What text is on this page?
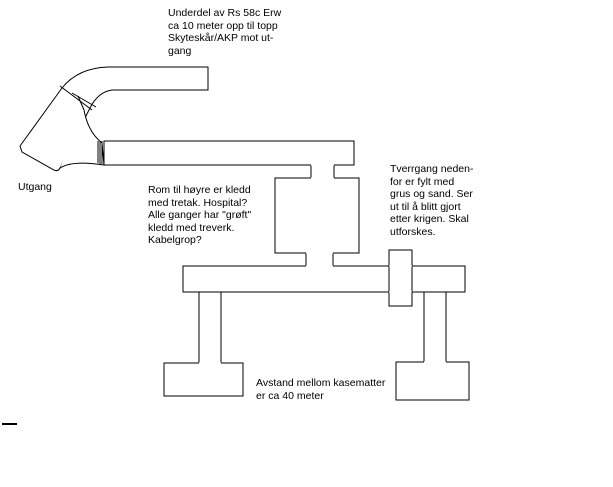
Underdel av Rs 58c Erw
ca 10 meter opp til topp
Skyteskår/AKP mot ut-
gang

Utgang	Rom til høyre er kledd
med tretak. Hospital?
Alle ganger har "grøft"
kledd med treverk.
Kabelgrop?

Tverrgang neden-
for er fylt med
grus og sand. Ser
ut til å blitt gjort
etter krigen. Skal
utforskes.

Avstand mellom kasematter
er ca 40 meter
